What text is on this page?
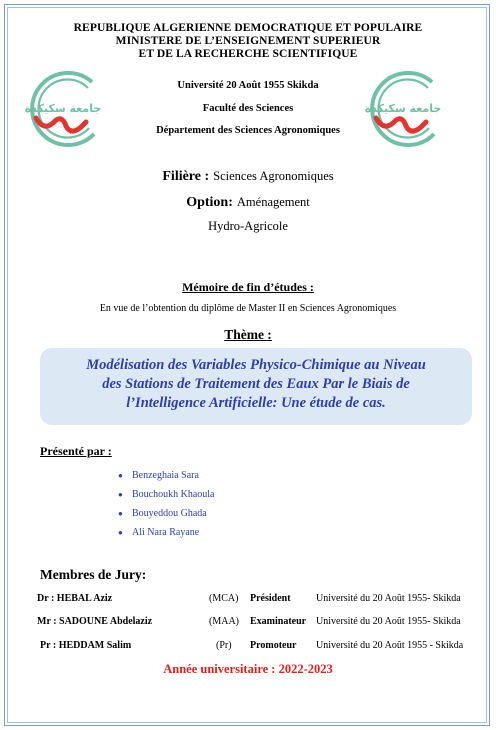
REPUBLIQUE ALGERIENNE DEMOCRATIQUE ET POPULAIRE
MINISTERE DE L’ENSEIGNEMENT SUPERIEUR
ET DE LA RECHERCHE SCIENTIFIQUE
جامعة سكيكدة	جامعة سكيكدة
Université 20 Août 1955 Skikda
Faculté des Sciences
Département des Sciences Agronomiques
Filière : Sciences Agronomiques
Option: Aménagement
Hydro-Agricole
Mémoire de fin d’études :
En vue de l’obtention du diplôme de Master II en Sciences Agronomiques
Thème :
Modélisation des Variables Physico-Chimique au Niveau
des Stations de Traitement des Eaux Par le Biais de
l’Intelligence Artificielle: Une étude de cas.
Présenté par :
● Benzeghaia Sara
● Bouchoukh Khaoula
● Bouyeddou Ghada
● Ali Nara Rayane
Membres de Jury:
Dr : HEBAL Aziz	(MCA) Président	Université du 20 Août 1955- Skikda
Mr : SADOUNE Abdelaziz	(MAA) Examinateur Université du 20 Août 1955- Skikda
Pr : HEDDAM Salim	(Pr) Promoteur Université du 20 Août 1955 - Skikda
Année universitaire : 2022-2023
